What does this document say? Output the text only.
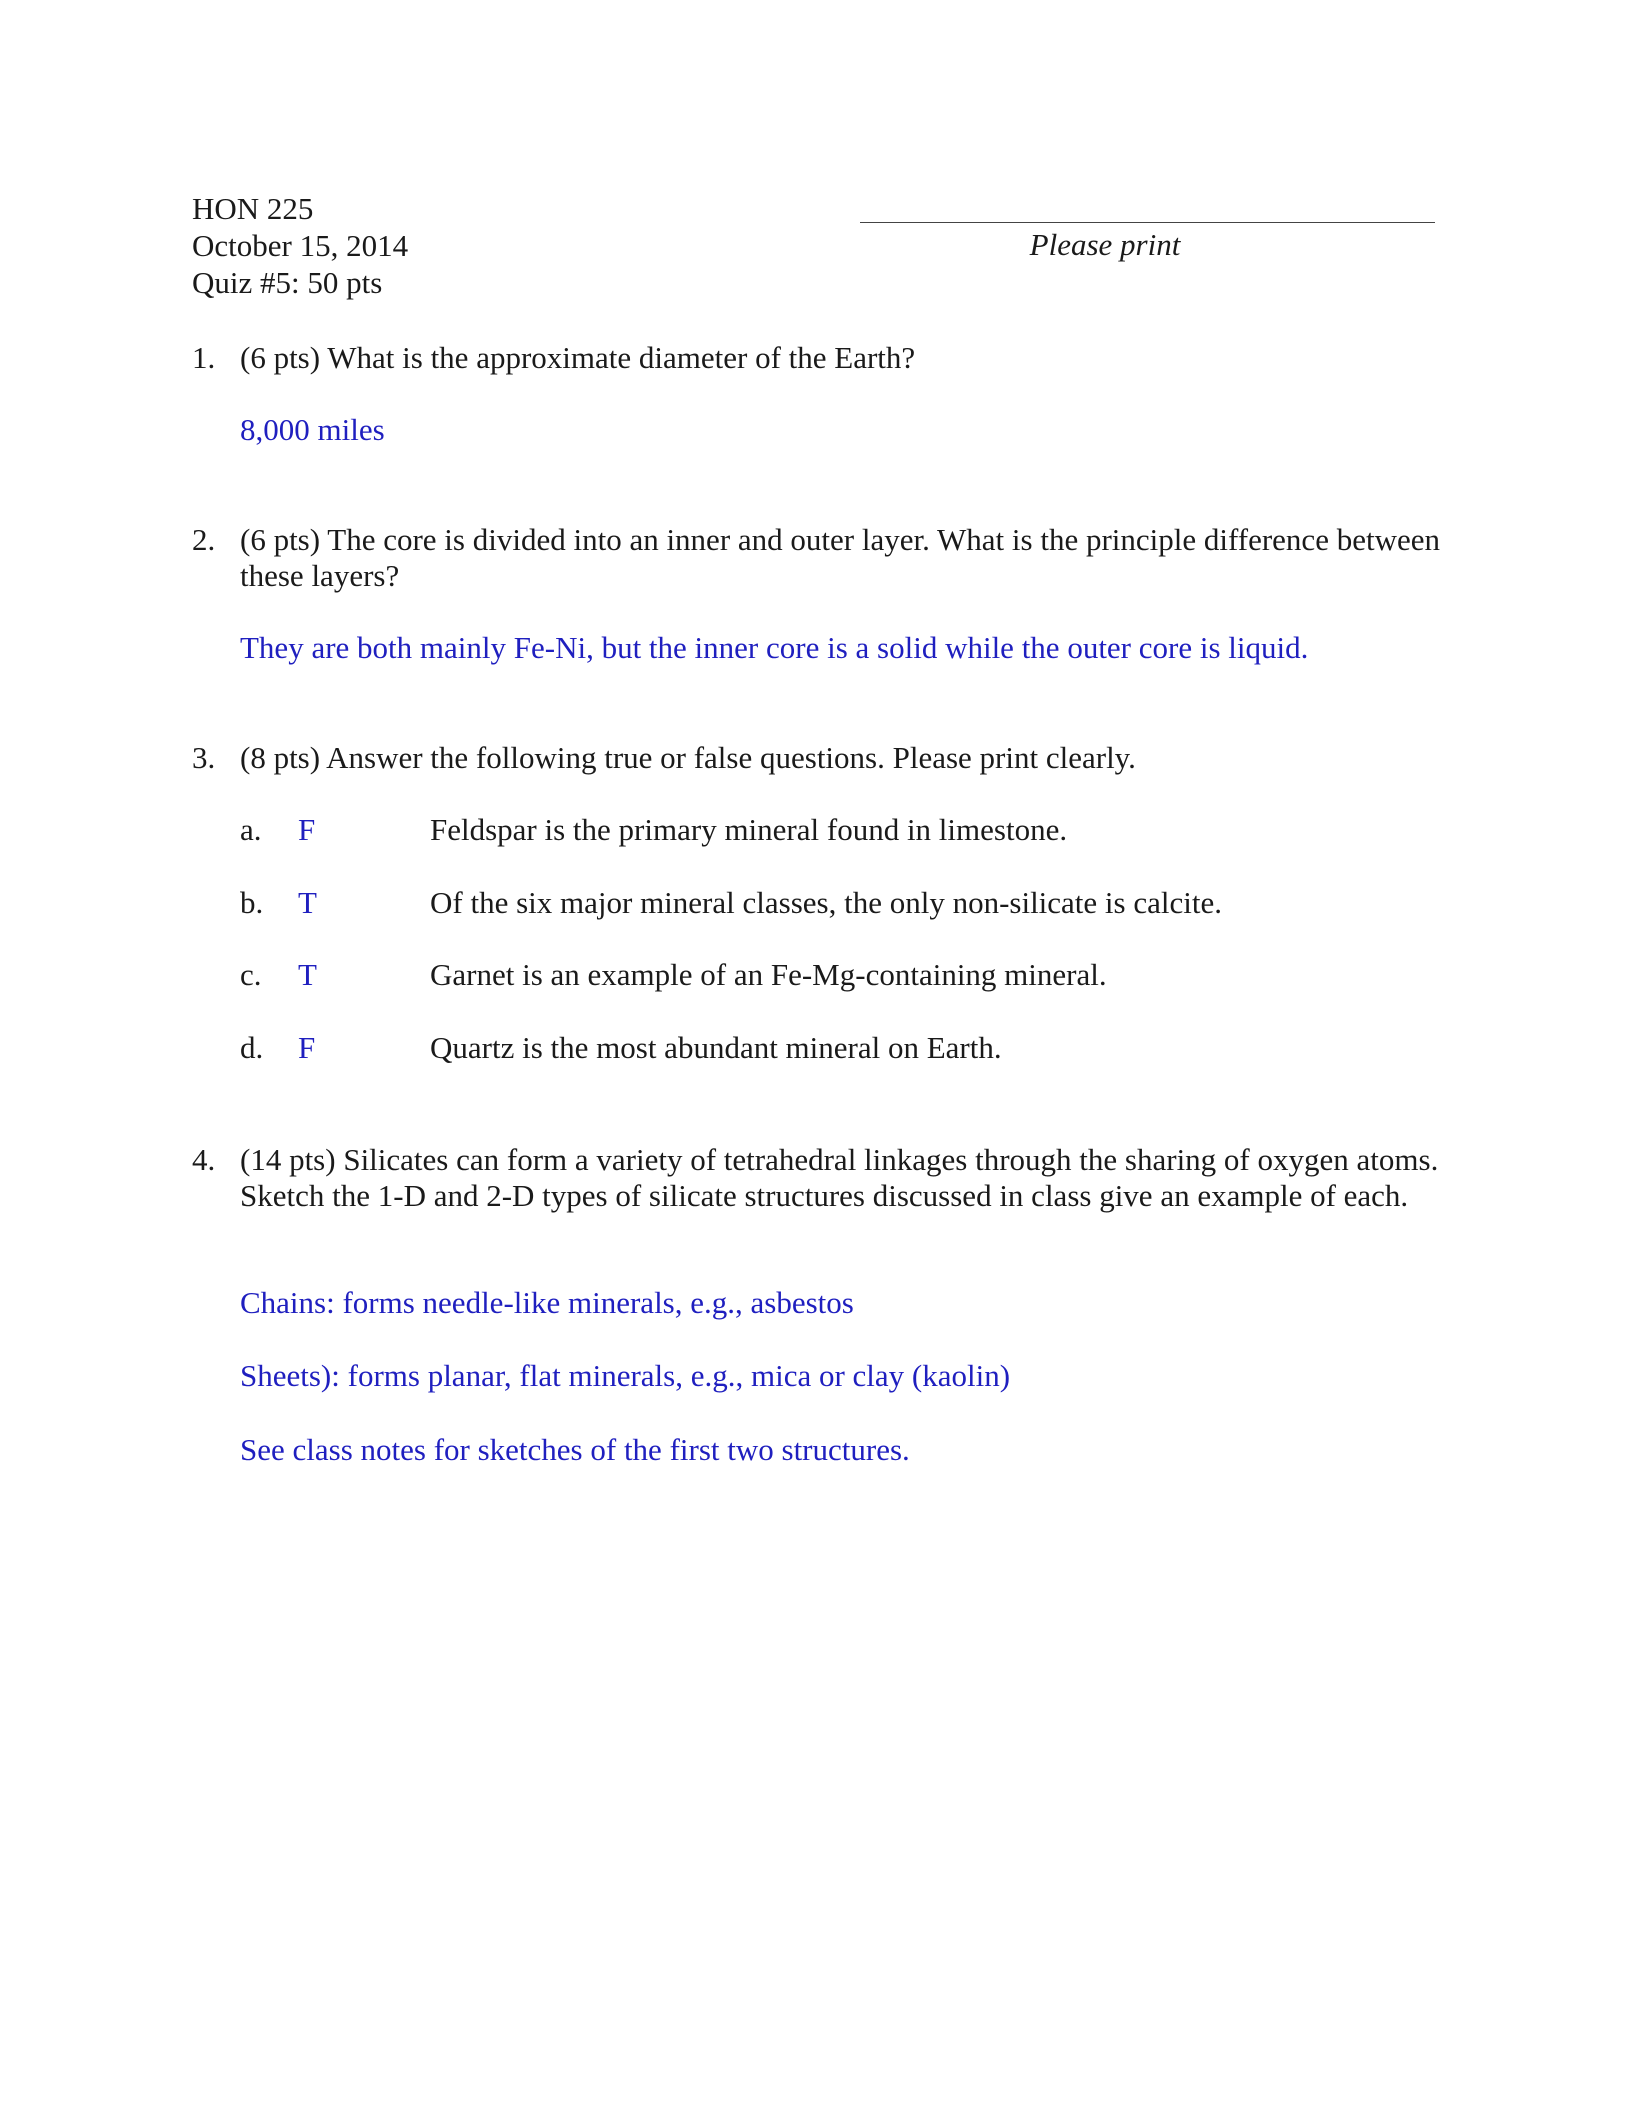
HON 225
October 15, 2014
Quiz #5: 50 pts
Please print
1. (6 pts) What is the approximate diameter of the Earth?
8,000 miles
2. (6 pts) The core is divided into an inner and outer layer. What is the principle difference between these layers?
They are both mainly Fe-Ni, but the inner core is a solid while the outer core is liquid.
3. (8 pts) Answer the following true or false questions. Please print clearly.
a. F	Feldspar is the primary mineral found in limestone.
b. T	Of the six major mineral classes, the only non-silicate is calcite.
c. T	Garnet is an example of an Fe-Mg-containing mineral.
d. F	Quartz is the most abundant mineral on Earth.
4. (14 pts) Silicates can form a variety of tetrahedral linkages through the sharing of oxygen atoms. Sketch the 1-D and 2-D types of silicate structures discussed in class give an example of each.
Chains: forms needle-like minerals, e.g., asbestos
Sheets): forms planar, flat minerals, e.g., mica or clay (kaolin)
See class notes for sketches of the first two structures.
